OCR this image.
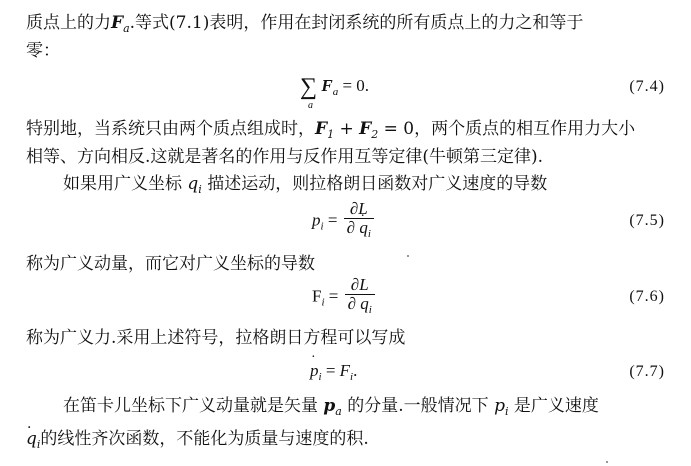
质点上的力$F_a$.等式(7.1)表明，作用在封闭系统的所有质点上的力之和等于
零：
∑
a
$F_a = 0$.	(7.4)
特别地，当系统只由两个质点组成时，$F_1 + F_2 = 0$，两个质点的相互作用力大小
相等、方向相反.这就是著名的作用与反作用互等定律(牛顿第三定律).
如果用广义坐标 $q_i$ 描述运动，则拉格朗日函数对广义速度的导数
$p_i = \frac{\partial L}{\partial \cdot q_i}$	(7.5)
称为广义动量，而它对广义坐标的导数
$F_i = \frac{\partial L}{\partial q_i}$	(7.6)
称为广义力.采用上述符号，拉格朗日方程可以写成
· $p_i = F_i$.	(7.7)
在笛卡儿坐标下广义动量就是矢量 $p_a$ 的分量.一般情况下 $p_i$ 是广义速度
· $q_i$的线性齐次函数，不能化为质量与速度的积.
